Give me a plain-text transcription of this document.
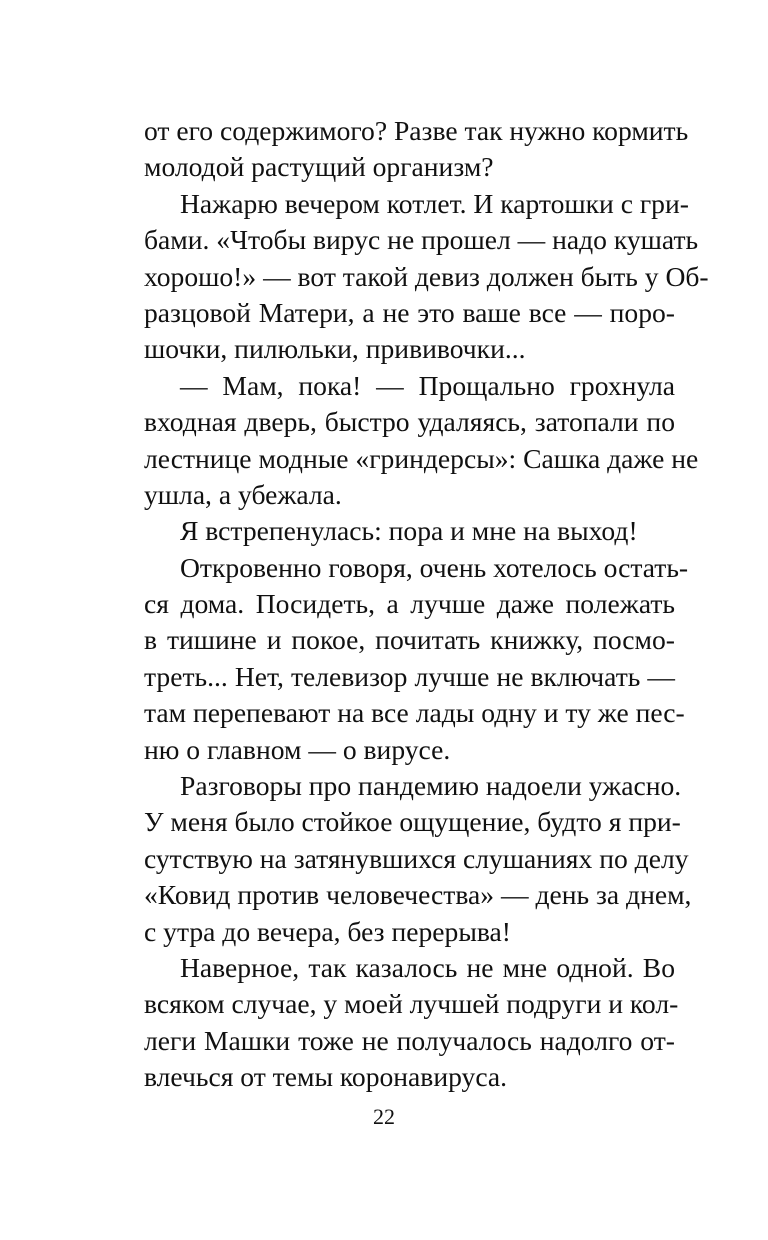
от его содержимого? Разве так нужно кормить
молодой растущий организм?
Нажарю вечером котлет. И картошки с гри-
бами. «Чтобы вирус не прошел — надо кушать
хорошо!» — вот такой девиз должен быть у Об-
разцовой Матери, а не это ваше все — поро-
шочки, пилюльки, прививочки...
— Мам, пока! — Прощально грохнула
входная дверь, быстро удаляясь, затопали по
лестнице модные «гриндерсы»: Сашка даже не
ушла, а убежала.
Я встрепенулась: пора и мне на выход!
Откровенно говоря, очень хотелось остать-
ся дома. Посидеть, а лучше даже полежать
в тишине и покое, почитать книжку, посмо-
треть... Нет, телевизор лучше не включать —
там перепевают на все лады одну и ту же пес-
ню о главном — о вирусе.
Разговоры про пандемию надоели ужасно.
У меня было стойкое ощущение, будто я при-
сутствую на затянувшихся слушаниях по делу
«Ковид против человечества» — день за днем,
с утра до вечера, без перерыва!
Наверное, так казалось не мне одной. Во
всяком случае, у моей лучшей подруги и кол-
леги Машки тоже не получалось надолго от-
влечься от темы коронавируса.
22
